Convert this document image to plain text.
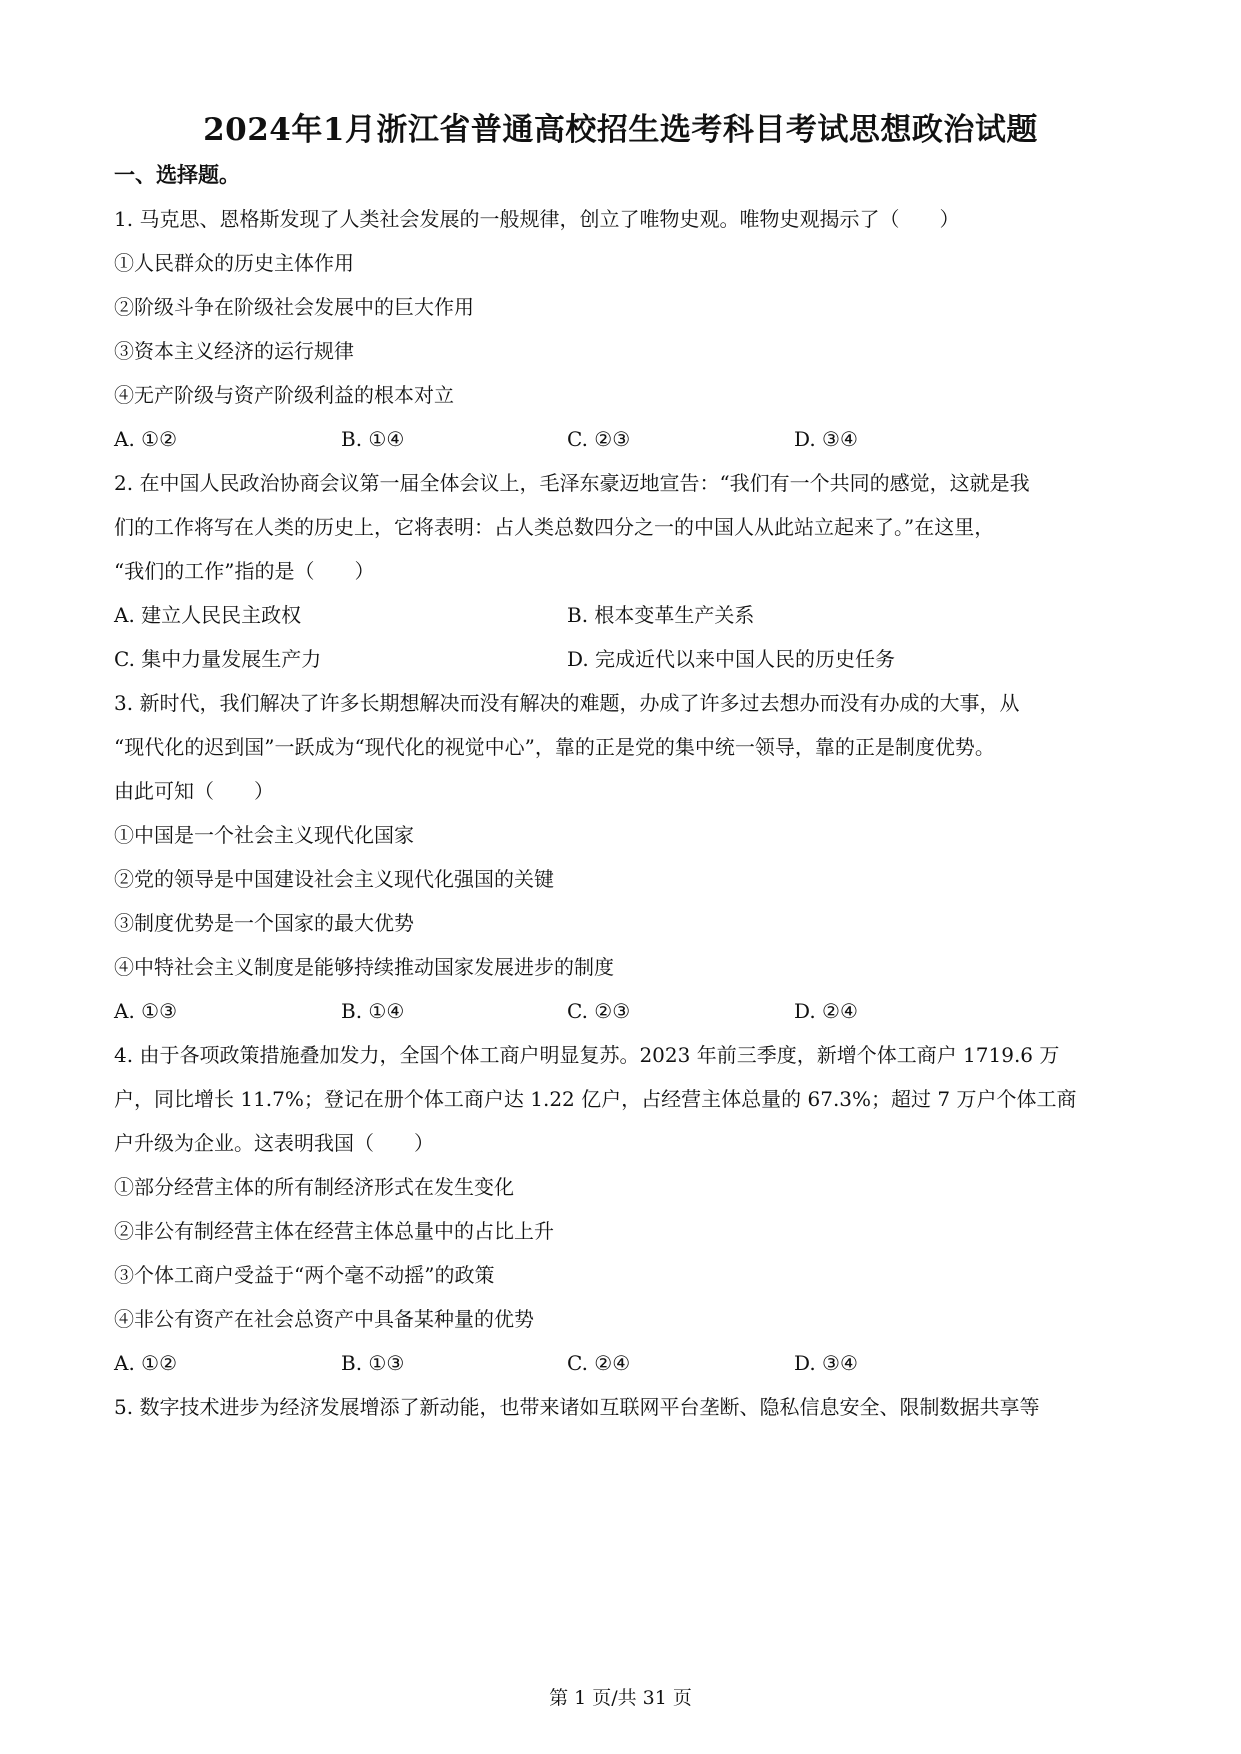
2024年1月浙江省普通高校招生选考科目考试思想政治试题
一、选择题。
1. 马克思、恩格斯发现了人类社会发展的一般规律，创立了唯物史观。唯物史观揭示了（　　）
①人民群众的历史主体作用
②阶级斗争在阶级社会发展中的巨大作用
③资本主义经济的运行规律
④无产阶级与资产阶级利益的根本对立
A. ①②	B. ①④	C. ②③	D. ③④
2. 在中国人民政治协商会议第一届全体会议上，毛泽东豪迈地宣告：“我们有一个共同的感觉，这就是我
们的工作将写在人类的历史上，它将表明：占人类总数四分之一的中国人从此站立起来了。”在这里，
“我们的工作”指的是（　　）
A. 建立人民民主政权	B. 根本变革生产关系
C. 集中力量发展生产力	D. 完成近代以来中国人民的历史任务
3. 新时代，我们解决了许多长期想解决而没有解决的难题，办成了许多过去想办而没有办成的大事，从
“现代化的迟到国”一跃成为“现代化的视觉中心”，靠的正是党的集中统一领导，靠的正是制度优势。
由此可知（　　）
①中国是一个社会主义现代化国家
②党的领导是中国建设社会主义现代化强国的关键
③制度优势是一个国家的最大优势
④中特社会主义制度是能够持续推动国家发展进步的制度
A. ①③	B. ①④	C. ②③	D. ②④
4. 由于各项政策措施叠加发力，全国个体工商户明显复苏。2023 年前三季度，新增个体工商户 1719.6 万
户，同比增长 11.7%；登记在册个体工商户达 1.22 亿户，占经营主体总量的 67.3%；超过 7 万户个体工商
户升级为企业。这表明我国（　　）
①部分经营主体的所有制经济形式在发生变化
②非公有制经营主体在经营主体总量中的占比上升
③个体工商户受益于“两个毫不动摇”的政策
④非公有资产在社会总资产中具备某种量的优势
A. ①②	B. ①③	C. ②④	D. ③④
5. 数字技术进步为经济发展增添了新动能，也带来诸如互联网平台垄断、隐私信息安全、限制数据共享等
第 1 页/共 31 页
